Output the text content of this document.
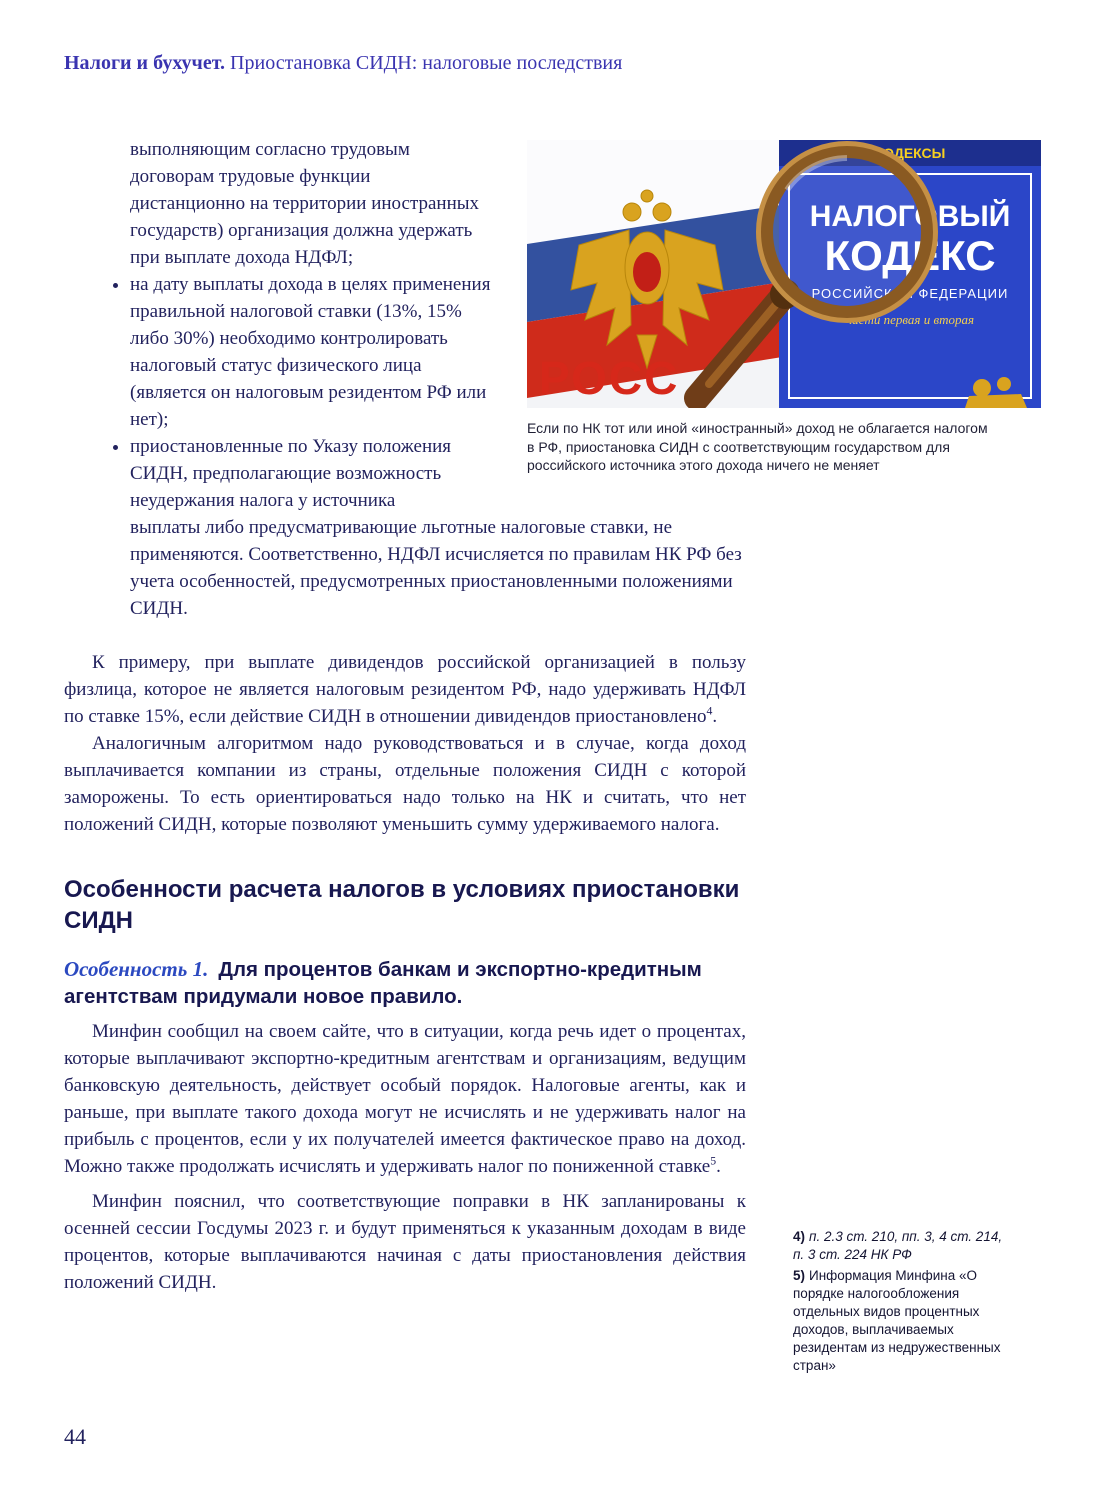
Налоги и бухучет. Приостановка СИДН: налоговые последствия
КОДЕКСЫ
НАЛОГОВЫЙ
КОДЕКС
РОССИЙСКОЙ ФЕДЕРАЦИИ
части первая и вторая
РОСС
Если по НК тот или иной «иностранный» доход не облагается налогом в РФ, приостановка СИДН с соответствующим государством для российского источника этого дохода ничего не меняет
выполняющим согласно трудовым договорам трудовые функции дистанционно на территории иностранных государств) организация должна удержать при выплате дохода НДФЛ;
• на дату выплаты дохода в целях применения правильной налоговой ставки (13%, 15% либо 30%) необходимо контролировать налоговый статус физического лица (является он налоговым резидентом РФ или нет);
• приостановленные по Указу положения СИДН, предполагающие возможность неудержания налога у источника
выплаты либо предусматривающие льготные налоговые ставки, не применяются. Соответственно, НДФЛ исчисляется по правилам НК РФ без учета особенностей, предусмотренных приостановленными положениями СИДН.

К примеру, при выплате дивидендов российской организацией в пользу физлица, которое не является налоговым резидентом РФ, надо удерживать НДФЛ по ставке 15%, если действие СИДН в отношении дивидендов приостановлено$^4$.

Аналогичным алгоритмом надо руководствоваться и в случае, когда доход выплачивается компании из страны, отдельные положения СИДН с которой заморожены. То есть ориентироваться надо только на НК и считать, что нет положений СИДН, которые позволяют уменьшить сумму удерживаемого налога.

Особенности расчета налогов в условиях приостановки СИДН
Особенность 1. Для процентов банкам и экспортно-кредитным агентствам придумали новое правило.

Минфин сообщил на своем сайте, что в ситуации, когда речь идет о процентах, которые выплачивают экспортно-кредитным агентствам и организациям, ведущим банковскую деятельность, действует особый порядок. Налоговые агенты, как и раньше, при выплате такого дохода могут не исчислять и не удерживать налог на прибыль с процентов, если у их получателей имеется фактическое право на доход. Можно также продолжать исчислять и удерживать налог по пониженной ставке$^5$.

Минфин пояснил, что соответствующие поправки в НК запланированы к осенней сессии Госдумы 2023 г. и будут применяться к указанным доходам в виде процентов, которые выплачиваются начиная с даты приостановления действия положений СИДН.

4) п. 2.3 ст. 210, пп. 3, 4 ст. 214, п. 3 ст. 224 НК РФ
5) Информация Минфина «О порядке налогообложения отдельных видов процентных доходов, выплачиваемых резидентам из недружественных стран»
44
